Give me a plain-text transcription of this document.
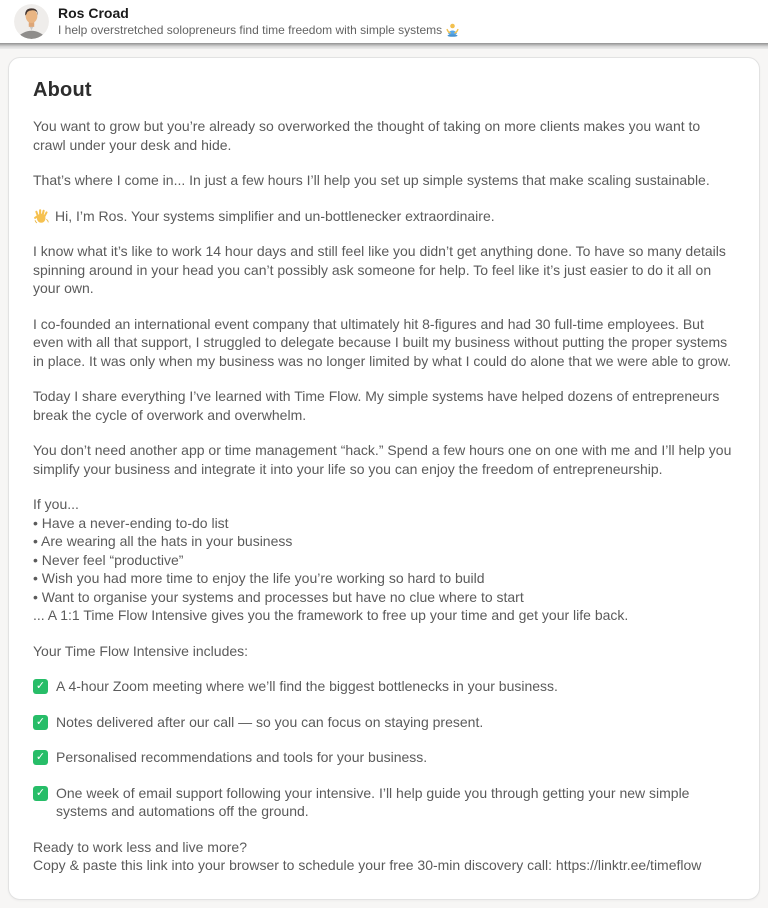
Ros Croad
I help overstretched solopreneurs find time freedom with simple systems
About

You want to grow but you’re already so overworked the thought of taking on more clients makes you want to crawl under your desk and hide.

That’s where I come in... In just a few hours I’ll help you set up simple systems that make scaling sustainable.

Hi, I’m Ros. Your systems simplifier and un-bottlenecker extraordinaire.

I know what it’s like to work 14 hour days and still feel like you didn’t get anything done. To have so many details spinning around in your head you can’t possibly ask someone for help. To feel like it’s just easier to do it all on your own.

I co-founded an international event company that ultimately hit 8-figures and had 30 full-time employees. But even with all that support, I struggled to delegate because I built my business without putting the proper systems in place. It was only when my business was no longer limited by what I could do alone that we were able to grow.

Today I share everything I’ve learned with Time Flow. My simple systems have helped dozens of entrepreneurs break the cycle of overwork and overwhelm.

You don’t need another app or time management “hack.” Spend a few hours one on one with me and I’ll help you simplify your business and integrate it into your life so you can enjoy the freedom of entrepreneurship.

If you...
• Have a never-ending to-do list
• Are wearing all the hats in your business
• Never feel “productive”
• Wish you had more time to enjoy the life you’re working so hard to build
• Want to organise your systems and processes but have no clue where to start
... A 1:1 Time Flow Intensive gives you the framework to free up your time and get your life back.

Your Time Flow Intensive includes:

✓ A 4-hour Zoom meeting where we’ll find the biggest bottlenecks in your business.

✓ Notes delivered after our call — so you can focus on staying present.

✓ Personalised recommendations and tools for your business.

✓ One week of email support following your intensive. I’ll help guide you through getting your new simple systems and automations off the ground.

Ready to work less and live more?
Copy & paste this link into your browser to schedule your free 30-min discovery call: https://linktr.ee/timeflow
